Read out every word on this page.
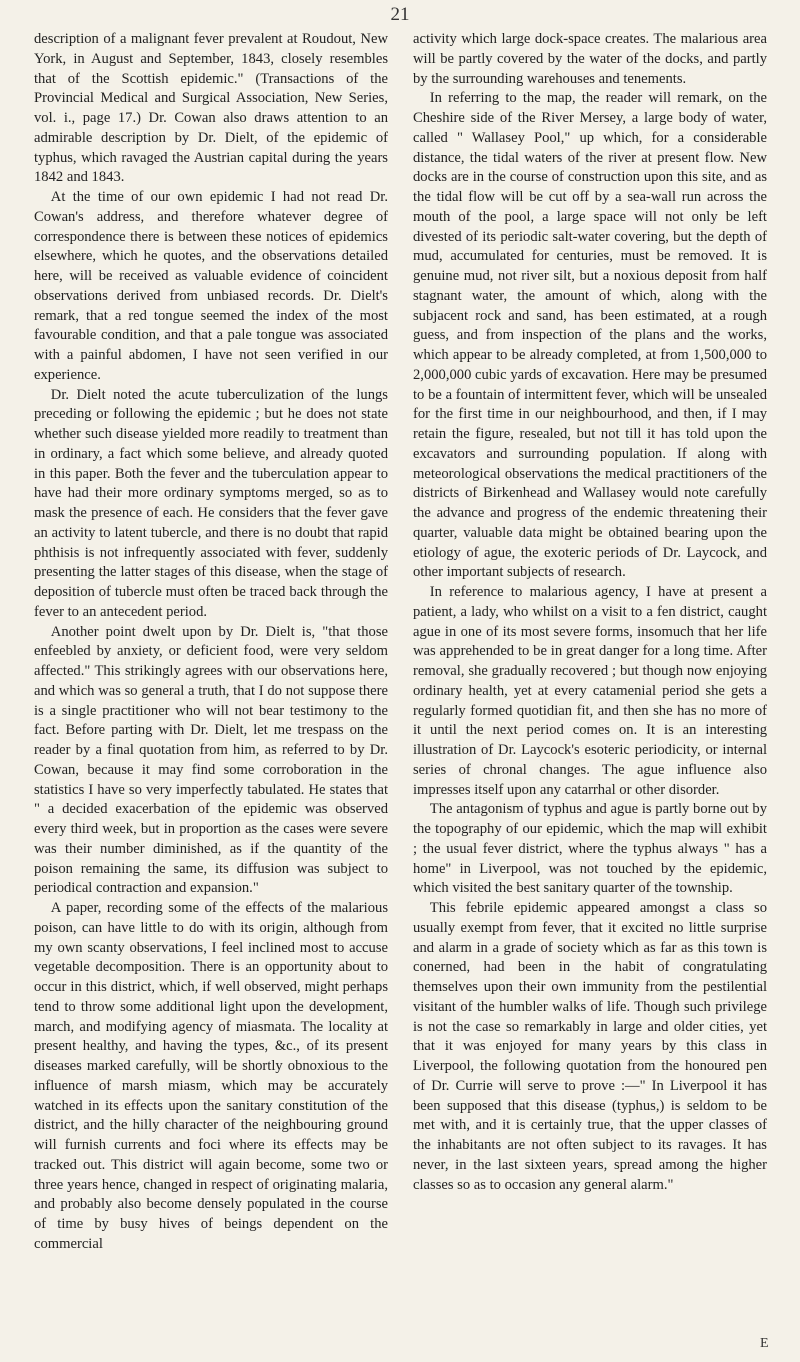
21

description of a malignant fever prevalent at Roudout, New York, in August and September, 1843, closely resembles that of the Scottish epidemic." (Transactions of the Provincial Medical and Surgical Association, New Series, vol. i., page 17.) Dr. Cowan also draws attention to an admirable description by Dr. Dielt, of the epidemic of typhus, which ravaged the Austrian capital during the years 1842 and 1843.

At the time of our own epidemic I had not read Dr. Cowan's address, and therefore whatever degree of correspondence there is between these notices of epidemics elsewhere, which he quotes, and the observations detailed here, will be received as valuable evidence of coincident observations derived from unbiased records. Dr. Dielt's remark, that a red tongue seemed the index of the most favourable condition, and that a pale tongue was associated with a painful abdomen, I have not seen verified in our experience.

Dr. Dielt noted the acute tuberculization of the lungs preceding or following the epidemic ; but he does not state whether such disease yielded more readily to treatment than in ordinary, a fact which some believe, and already quoted in this paper. Both the fever and the tuberculation appear to have had their more ordinary symptoms merged, so as to mask the presence of each. He considers that the fever gave an activity to latent tubercle, and there is no doubt that rapid phthisis is not infrequently associated with fever, suddenly presenting the latter stages of this disease, when the stage of deposition of tubercle must often be traced back through the fever to an antecedent period.

Another point dwelt upon by Dr. Dielt is, "that those enfeebled by anxiety, or deficient food, were very seldom affected." This strikingly agrees with our observations here, and which was so general a truth, that I do not suppose there is a single practitioner who will not bear testimony to the fact. Before parting with Dr. Dielt, let me trespass on the reader by a final quotation from him, as referred to by Dr. Cowan, because it may find some corroboration in the statistics I have so very imperfectly tabulated. He states that " a decided exacerbation of the epidemic was observed every third week, but in proportion as the cases were severe was their number diminished, as if the quantity of the poison remaining the same, its diffusion was subject to periodical contraction and expansion."

A paper, recording some of the effects of the malarious poison, can have little to do with its origin, although from my own scanty observations, I feel inclined most to accuse vegetable decomposition. There is an opportunity about to occur in this district, which, if well observed, might perhaps tend to throw some additional light upon the development, march, and modifying agency of miasmata. The locality at present healthy, and having the types, &c., of its present diseases marked carefully, will be shortly obnoxious to the influence of marsh miasm, which may be accurately watched in its effects upon the sanitary constitution of the district, and the hilly character of the neighbouring ground will furnish currents and foci where its effects may be tracked out. This district will again become, some two or three years hence, changed in respect of originating malaria, and probably also become densely populated in the course of time by busy hives of beings dependent on the commercial

activity which large dock-space creates. The malarious area will be partly covered by the water of the docks, and partly by the surrounding warehouses and tenements.

In referring to the map, the reader will remark, on the Cheshire side of the River Mersey, a large body of water, called " Wallasey Pool," up which, for a considerable distance, the tidal waters of the river at present flow. New docks are in the course of construction upon this site, and as the tidal flow will be cut off by a sea-wall run across the mouth of the pool, a large space will not only be left divested of its periodic salt-water covering, but the depth of mud, accumulated for centuries, must be removed. It is genuine mud, not river silt, but a noxious deposit from half stagnant water, the amount of which, along with the subjacent rock and sand, has been estimated, at a rough guess, and from inspection of the plans and the works, which appear to be already completed, at from 1,500,000 to 2,000,000 cubic yards of excavation. Here may be presumed to be a fountain of intermittent fever, which will be unsealed for the first time in our neighbourhood, and then, if I may retain the figure, resealed, but not till it has told upon the excavators and surrounding population. If along with meteorological observations the medical practitioners of the districts of Birkenhead and Wallasey would note carefully the advance and progress of the endemic threatening their quarter, valuable data might be obtained bearing upon the etiology of ague, the exoteric periods of Dr. Laycock, and other important subjects of research.

In reference to malarious agency, I have at present a patient, a lady, who whilst on a visit to a fen district, caught ague in one of its most severe forms, insomuch that her life was apprehended to be in great danger for a long time. After removal, she gradually recovered ; but though now enjoying ordinary health, yet at every catamenial period she gets a regularly formed quotidian fit, and then she has no more of it until the next period comes on. It is an interesting illustration of Dr. Laycock's esoteric periodicity, or internal series of chronal changes. The ague influence also impresses itself upon any catarrhal or other disorder.

The antagonism of typhus and ague is partly borne out by the topography of our epidemic, which the map will exhibit ; the usual fever district, where the typhus always " has a home" in Liverpool, was not touched by the epidemic, which visited the best sanitary quarter of the township.

This febrile epidemic appeared amongst a class so usually exempt from fever, that it excited no little surprise and alarm in a grade of society which as far as this town is conerned, had been in the habit of congratulating themselves upon their own immunity from the pestilential visitant of the humbler walks of life. Though such privilege is not the case so remarkably in large and older cities, yet that it was enjoyed for many years by this class in Liverpool, the following quotation from the honoured pen of Dr. Currie will serve to prove :—" In Liverpool it has been supposed that this disease (typhus,) is seldom to be met with, and it is certainly true, that the upper classes of the inhabitants are not often subject to its ravages. It has never, in the last sixteen years, spread among the higher classes so as to occasion any general alarm."

E
